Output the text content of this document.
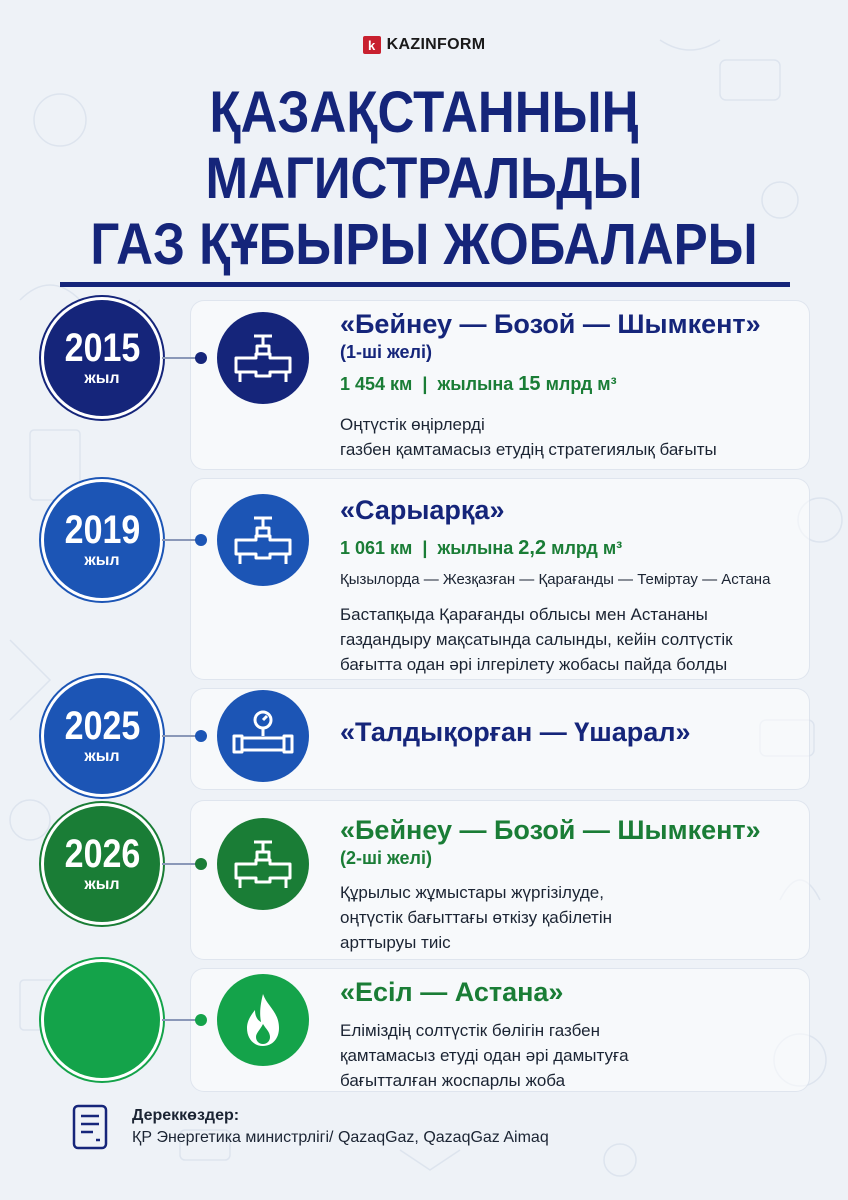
k KAZINFORM
ҚАЗАҚСТАННЫҢ
МАГИСТРАЛЬДЫ
ГАЗ ҚҰБЫРЫ ЖОБАЛАРЫ
2015
жыл
«Бейнеу — Бозой — Шымкент»
(1-ші желі)
1 454 км | жылына 15 млрд м³
Оңтүстік өңірлерді
газбен қамтамасыз етудің стратегиялық бағыты
2019
жыл
«Сарыарқа»
1 061 км | жылына 2,2 млрд м³
Қызылорда — Жезқазған — Қарағанды — Теміртау — Астана
Бастапқыда Қарағанды облысы мен Астананы
газдандыру мақсатында салынды, кейін солтүстік
бағытта одан әрі ілгерілету жобасы пайда болды
2025
жыл
«Талдықорған — Үшарал»
2026
жыл
«Бейнеу — Бозой — Шымкент»
(2-ші желі)
Құрылыс жұмыстары жүргізілуде,
оңтүстік бағыттағы өткізу қабілетін
арттыруы тиіс
«Есіл — Астана»
Еліміздің солтүстік бөлігін газбен
қамтамасыз етуді одан әрі дамытуға
бағытталған жоспарлы жоба
Дереккөздер:
ҚР Энергетика министрлігі/ QazaqGaz, QazaqGaz Aimaq
